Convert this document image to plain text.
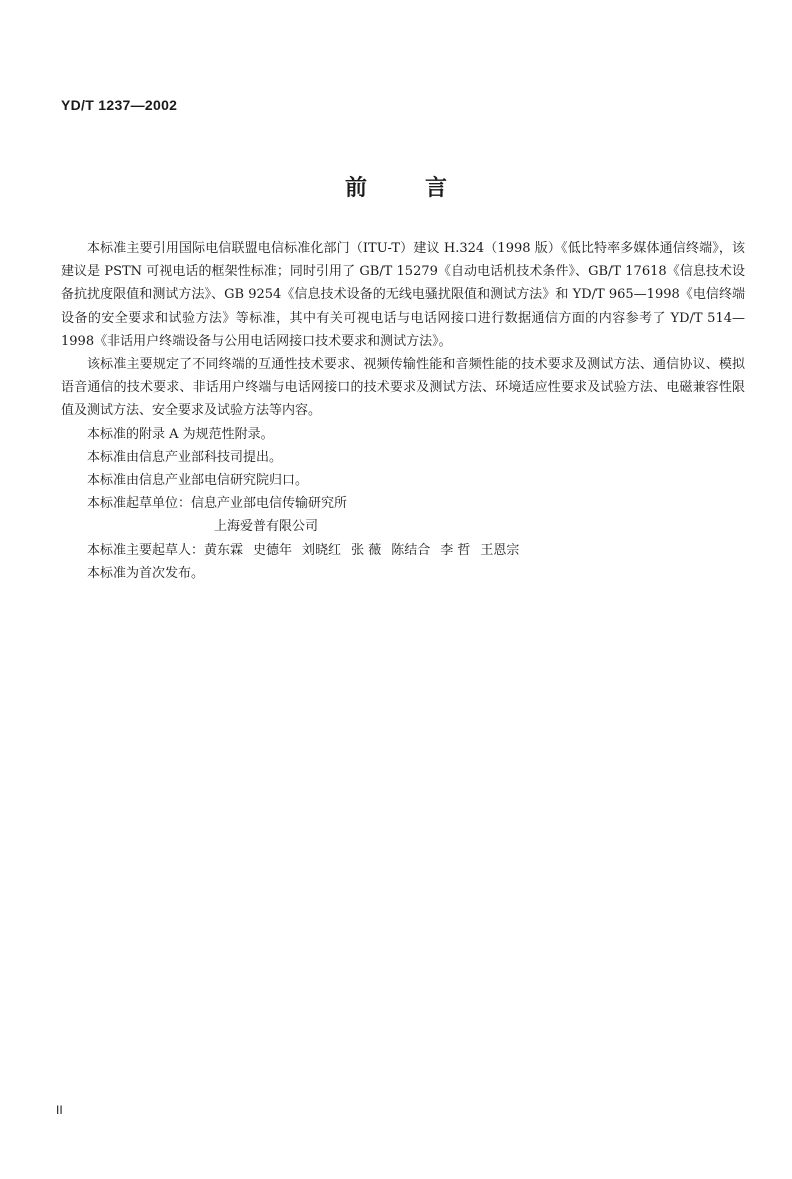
YD/T 1237—2002
前	言

本标准主要引用国际电信联盟电信标准化部门（ITU-T）建议 H.324（1998 版）《低比特率多媒体通信终端》，该建议是 PSTN 可视电话的框架性标准；同时引用了 GB/T 15279《自动电话机技术条件》、GB/T 17618《信息技术设备抗扰度限值和测试方法》、GB 9254《信息技术设备的无线电骚扰限值和测试方法》和 YD/T 965—1998《电信终端设备的安全要求和试验方法》等标准，其中有关可视电话与电话网接口进行数据通信方面的内容参考了 YD/T 514—1998《非话用户终端设备与公用电话网接口技术要求和测试方法》。

该标准主要规定了不同终端的互通性技术要求、视频传输性能和音频性能的技术要求及测试方法、通信协议、模拟语音通信的技术要求、非话用户终端与电话网接口的技术要求及测试方法、环境适应性要求及试验方法、电磁兼容性限值及测试方法、安全要求及试验方法等内容。

本标准的附录 A 为规范性附录。

本标准由信息产业部科技司提出。

本标准由信息产业部电信研究院归口。

本标准起草单位：信息产业部电信传输研究所

上海爱普有限公司

本标准主要起草人：黄东霖 史德年 刘晓红 张 薇 陈结合 李 哲 王恩宗

本标准为首次发布。

II
